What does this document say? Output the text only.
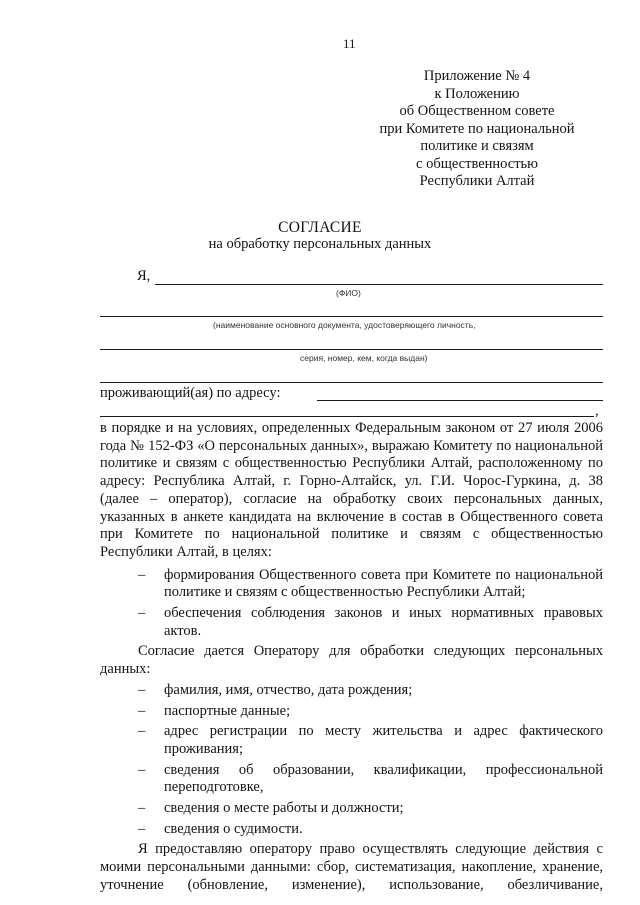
11
Приложение № 4
к Положению
об Общественном совете
при Комитете по национальной
политике и связям
с общественностью
Республики Алтай
СОГЛАСИЕ
на обработку персональных данных
Я,
(ФИО)
(наименование основного документа, удостоверяющего личность,
серия, номер, кем, когда выдан)
проживающий(ая) по адресу:
,

в порядке и на условиях, определенных Федеральным законом от 27 июля 2006 года № 152-ФЗ «О персональных данных», выражаю Комитету по национальной политике и связям с общественностью Республики Алтай, расположенному по адресу: Республика Алтай, г. Горно-Алтайск, ул. Г.И. Чорос-Гуркина, д. 38 (далее – оператор), согласие на обработку своих персональных данных, указанных в анкете кандидата на включение в состав в Общественного совета при Комитете по национальной политике и связям с общественностью Республики Алтай, в целях:

–	формирования Общественного совета при Комитете по национальной политике и связям с общественностью Республики Алтай;
–	обеспечения соблюдения законов и иных нормативных правовых актов.

Согласие дается Оператору для обработки следующих персональных данных:

–	фамилия, имя, отчество, дата рождения;
–	паспортные данные;
–	адрес регистрации по месту жительства и адрес фактического проживания;
–	сведения об образовании, квалификации, профессиональной переподготовке,
–	сведения о месте работы и должности;
–	сведения о судимости.

Я предоставляю оператору право осуществлять следующие действия с моими персональными данными: сбор, систематизация, накопление, хранение, уточнение (обновление, изменение), использование, обезличивание,
